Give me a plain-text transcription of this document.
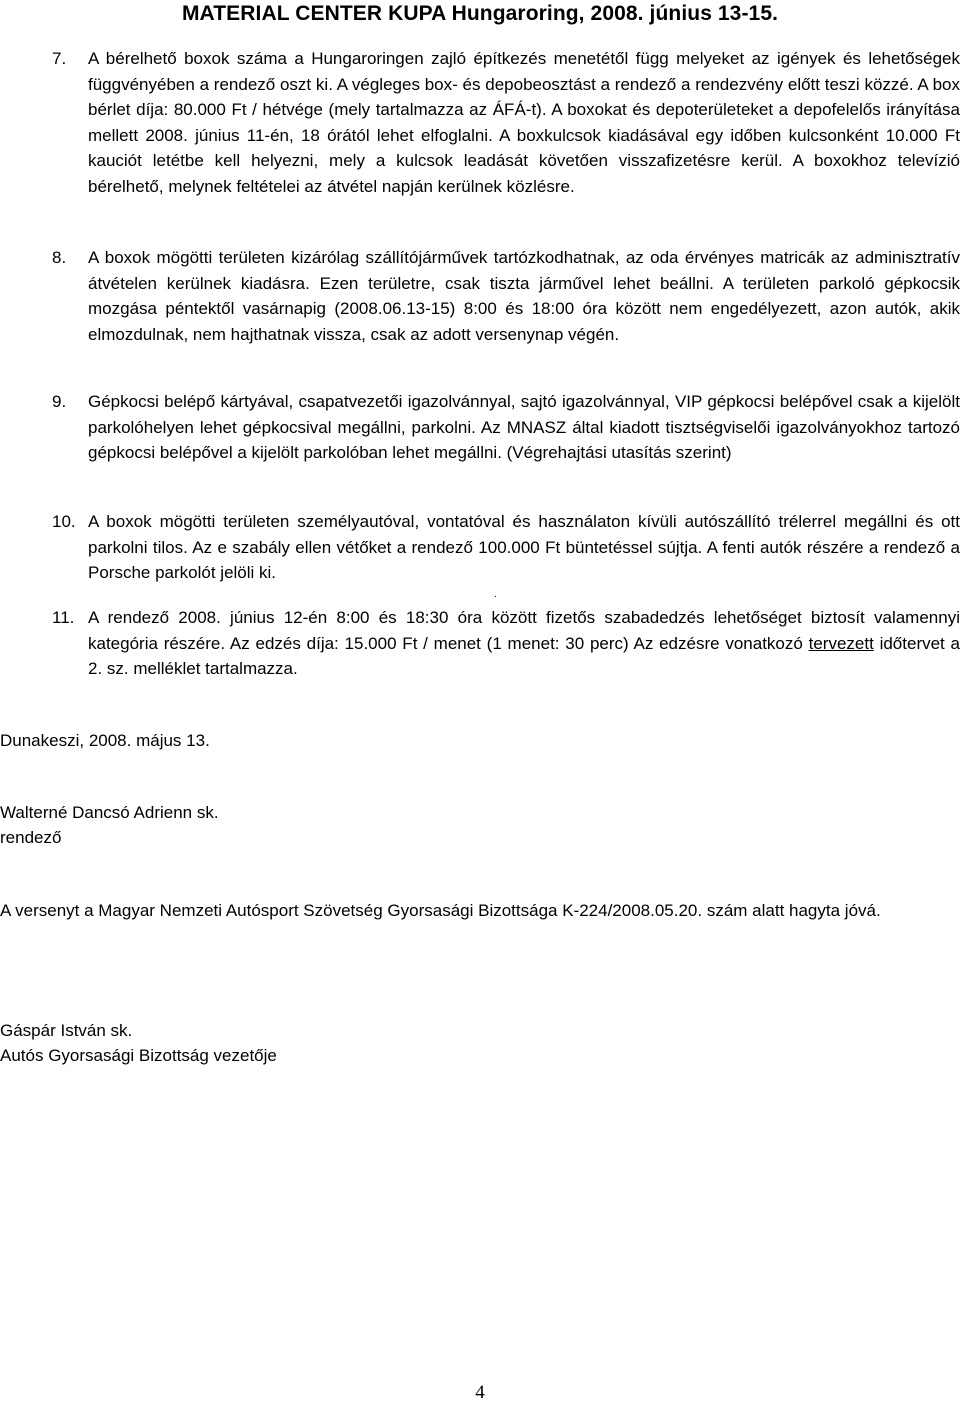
MATERIAL CENTER KUPA Hungaroring, 2008. június 13-15.
7. A bérelhető boxok száma a Hungaroringen zajló építkezés menetétől függ melyeket az igények és lehetőségek függvényében a rendező oszt ki. A végleges box- és depobeosztást a rendező a rendezvény előtt teszi közzé. A box bérlet díja: 80.000 Ft / hétvége (mely tartalmazza az ÁFÁ-t). A boxokat és depoterületeket a depofelelős irányítása mellett 2008. június 11-én, 18 órától lehet elfoglalni. A boxkulcsok kiadásával egy időben kulcsonként 10.000 Ft kauciót letétbe kell helyezni, mely a kulcsok leadását követően visszafizetésre kerül. A boxokhoz televízió bérelhető, melynek feltételei az átvétel napján kerülnek közlésre.
8. A boxok mögötti területen kizárólag szállítójárművek tartózkodhatnak, az oda érvényes matricák az adminisztratív átvételen kerülnek kiadásra. Ezen területre, csak tiszta járművel lehet beállni. A területen parkoló gépkocsik mozgása péntektől vasárnapig (2008.06.13-15) 8:00 és 18:00 óra között nem engedélyezett, azon autók, akik elmozdulnak, nem hajthatnak vissza, csak az adott versenynap végén.
9. Gépkocsi belépő kártyával, csapatvezetői igazolvánnyal, sajtó igazolvánnyal, VIP gépkocsi belépővel csak a kijelölt parkolóhelyen lehet gépkocsival megállni, parkolni. Az MNASZ által kiadott tisztségviselői igazolványokhoz tartozó gépkocsi belépővel a kijelölt parkolóban lehet megállni. (Végrehajtási utasítás szerint)
10. A boxok mögötti területen személyautóval, vontatóval és használaton kívüli autószállító trélerrel megállni és ott parkolni tilos. Az e szabály ellen vétőket a rendező 100.000 Ft büntetéssel sújtja. A fenti autók részére a rendező a Porsche parkolót jelöli ki.
.
11. A rendező 2008. június 12-én 8:00 és 18:30 óra között fizetős szabadedzés lehetőséget biztosít valamennyi kategória részére. Az edzés díja: 15.000 Ft / menet (1 menet: 30 perc) Az edzésre vonatkozó tervezett időtervet a 2. sz. melléklet tartalmazza.
Dunakeszi, 2008. május 13.
Walterné Dancsó Adrienn sk.
rendező
A versenyt a Magyar Nemzeti Autósport Szövetség Gyorsasági Bizottsága K-224/2008.05.20. szám alatt hagyta jóvá.
Gáspár István sk.
Autós Gyorsasági Bizottság vezetője
4
